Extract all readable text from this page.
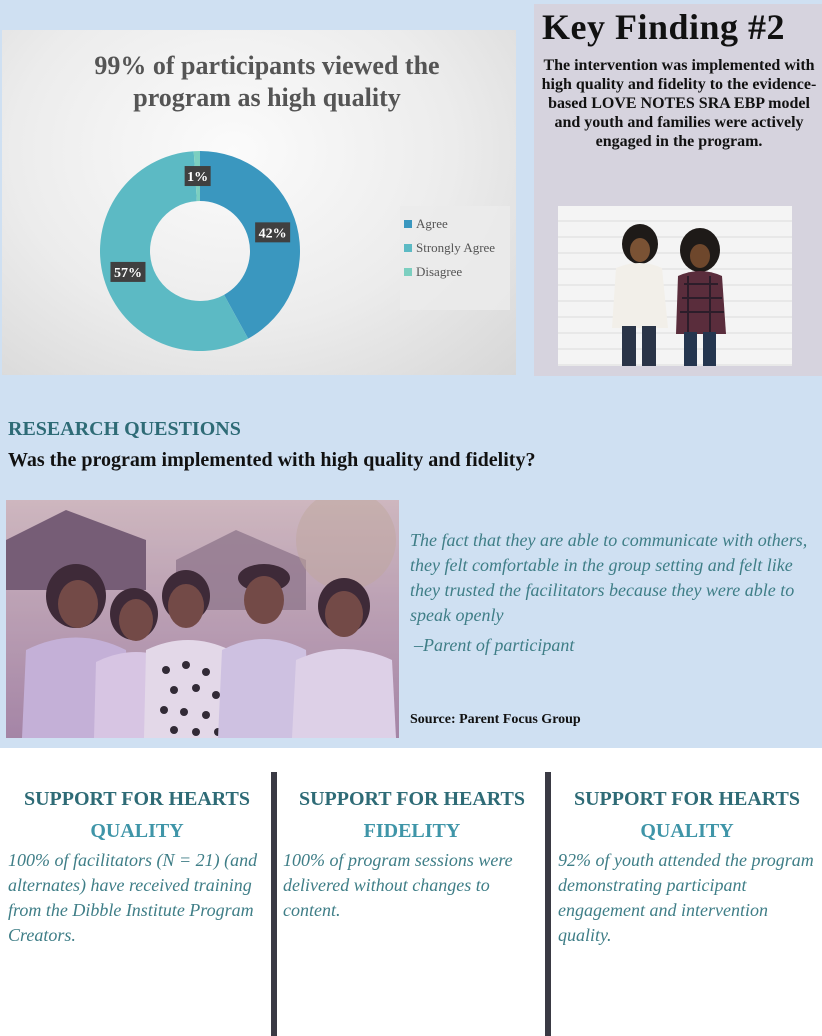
99% of participants viewed the program as high quality
42%
57%
1%
Agree
Strongly Agree
Disagree
Key Finding #2
The intervention was implemented with high quality and fidelity to the evidence-based LOVE NOTES SRA EBP model and youth and families were actively engaged in the program.
RESEARCH QUESTIONS
Was the program implemented with high quality and fidelity?
The fact that they are able to communicate with others, they felt comfortable in the group setting and felt like they trusted the facilitators because they were able to speak openly
–Parent of participant
Source: Parent Focus Group
SUPPORT FOR HEARTS
QUALITY
100% of facilitators (N = 21) (and alternates) have received training from the Dibble Institute Program Creators.
SUPPORT FOR HEARTS
FIDELITY
100% of program sessions were delivered without changes to content.
SUPPORT FOR HEARTS
QUALITY
92% of youth attended the program demonstrating participant engagement and intervention quality.
